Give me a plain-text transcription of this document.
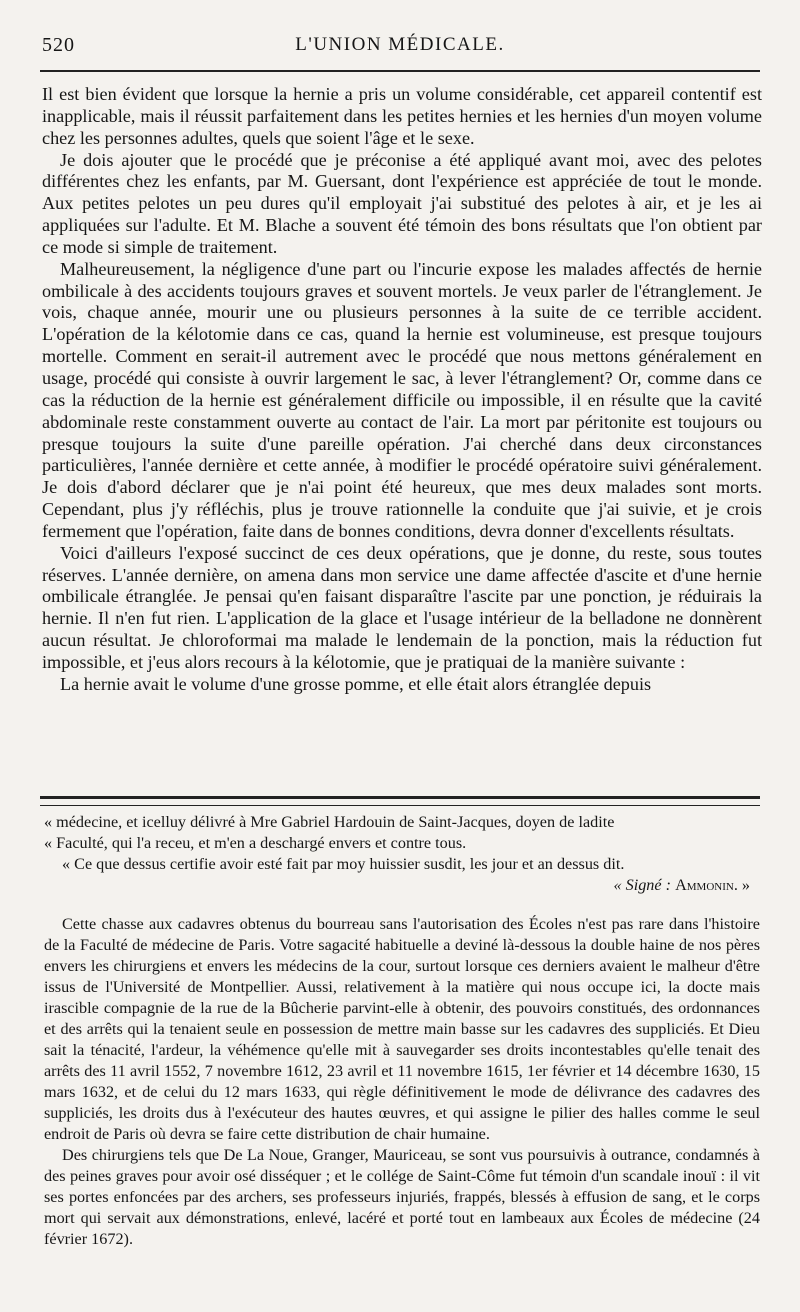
520	L'UNION MÉDICALE.

Il est bien évident que lorsque la hernie a pris un volume considérable, cet appareil contentif est inapplicable, mais il réussit parfaitement dans les petites hernies et les hernies d'un moyen volume chez les personnes adultes, quels que soient l'âge et le sexe.

Je dois ajouter que le procédé que je préconise a été appliqué avant moi, avec des pelotes différentes chez les enfants, par M. Guersant, dont l'expérience est appréciée de tout le monde. Aux petites pelotes un peu dures qu'il employait j'ai substitué des pelotes à air, et je les ai appliquées sur l'adulte. Et M. Blache a souvent été témoin des bons résultats que l'on obtient par ce mode si simple de traitement.

Malheureusement, la négligence d'une part ou l'incurie expose les malades affectés de hernie ombilicale à des accidents toujours graves et souvent mortels. Je veux parler de l'étranglement. Je vois, chaque année, mourir une ou plusieurs personnes à la suite de ce terrible accident. L'opération de la kélotomie dans ce cas, quand la hernie est volumineuse, est presque toujours mortelle. Comment en serait-il autrement avec le procédé que nous mettons généralement en usage, procédé qui consiste à ouvrir largement le sac, à lever l'étranglement? Or, comme dans ce cas la réduction de la hernie est généralement difficile ou impossible, il en résulte que la cavité abdominale reste constamment ouverte au contact de l'air. La mort par péritonite est toujours ou presque toujours la suite d'une pareille opération. J'ai cherché dans deux circonstances particulières, l'année dernière et cette année, à modifier le procédé opératoire suivi généralement. Je dois d'abord déclarer que je n'ai point été heureux, que mes deux malades sont morts. Cependant, plus j'y réfléchis, plus je trouve rationnelle la conduite que j'ai suivie, et je crois fermement que l'opération, faite dans de bonnes conditions, devra donner d'excellents résultats.

Voici d'ailleurs l'exposé succinct de ces deux opérations, que je donne, du reste, sous toutes réserves. L'année dernière, on amena dans mon service une dame affectée d'ascite et d'une hernie ombilicale étranglée. Je pensai qu'en faisant disparaître l'ascite par une ponction, je réduirais la hernie. Il n'en fut rien. L'application de la glace et l'usage intérieur de la belladone ne donnèrent aucun résultat. Je chloroformai ma malade le lendemain de la ponction, mais la réduction fut impossible, et j'eus alors recours à la kélotomie, que je pratiquai de la manière suivante :

La hernie avait le volume d'une grosse pomme, et elle était alors étranglée depuis

« médecine, et icelluy délivré à Mre Gabriel Hardouin de Saint-Jacques, doyen de ladite

« Faculté, qui l'a receu, et m'en a deschargé envers et contre tous.

« Ce que dessus certifie avoir esté fait par moy huissier susdit, les jour et an dessus dit.

« Signé : Ammonin. »

Cette chasse aux cadavres obtenus du bourreau sans l'autorisation des Écoles n'est pas rare dans l'histoire de la Faculté de médecine de Paris. Votre sagacité habituelle a deviné là-dessous la double haine de nos pères envers les chirurgiens et envers les médecins de la cour, surtout lorsque ces derniers avaient le malheur d'être issus de l'Université de Montpellier. Aussi, relativement à la matière qui nous occupe ici, la docte mais irascible compagnie de la rue de la Bûcherie parvint-elle à obtenir, des pouvoirs constitués, des ordonnances et des arrêts qui la tenaient seule en possession de mettre main basse sur les cadavres des suppliciés. Et Dieu sait la ténacité, l'ardeur, la véhémence qu'elle mit à sauvegarder ses droits incontestables qu'elle tenait des arrêts des 11 avril 1552, 7 novembre 1612, 23 avril et 11 novembre 1615, 1er février et 14 décembre 1630, 15 mars 1632, et de celui du 12 mars 1633, qui règle définitivement le mode de délivrance des cadavres des suppliciés, les droits dus à l'exécuteur des hautes œuvres, et qui assigne le pilier des halles comme le seul endroit de Paris où devra se faire cette distribution de chair humaine.

Des chirurgiens tels que De La Noue, Granger, Mauriceau, se sont vus poursuivis à outrance, condamnés à des peines graves pour avoir osé disséquer ; et le collége de Saint-Côme fut témoin d'un scandale inouï : il vit ses portes enfoncées par des archers, ses professeurs injuriés, frappés, blessés à effusion de sang, et le corps mort qui servait aux démonstrations, enlevé, lacéré et porté tout en lambeaux aux Écoles de médecine (24 février 1672).
